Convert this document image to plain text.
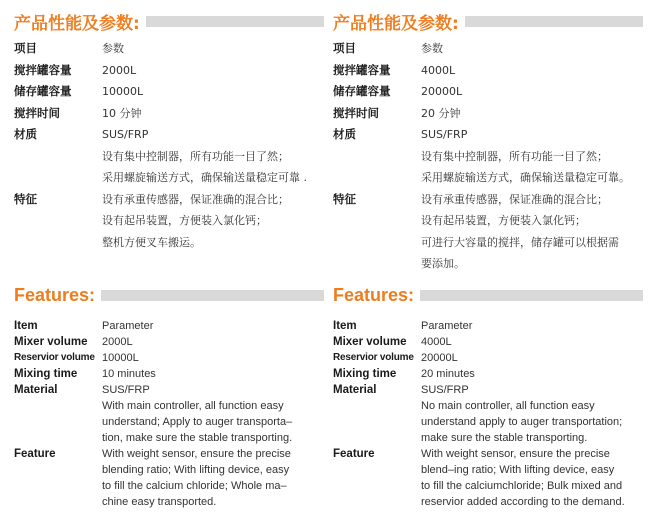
产品性能及参数:
项目	参数
搅拌罐容量	2000L
储存罐容量	10000L
搅拌时间	10 分钟
材质	SUS/FRP
设有集中控制器，所有功能一目了然；
采用螺旋输送方式，确保输送量稳定可靠 .
特征	设有承重传感器，保证准确的混合比；
设有起吊装置，方便装入氯化钙；
整机方便叉车搬运。
产品性能及参数:
项目	参数
搅拌罐容量	4000L
储存罐容量	20000L
搅拌时间	20 分钟
材质	SUS/FRP
设有集中控制器，所有功能一目了然；
采用螺旋输送方式，确保输送量稳定可靠。
特征	设有承重传感器，保证准确的混合比；
设有起吊装置，方便装入氯化钙；
可进行大容量的搅拌，储存罐可以根据需
要添加。
Features:
Item	Parameter
Mixer volume	2000L
Reservior volume 10000L
Mixing time	10 minutes
Material	SUS/FRP
With main controller, all function easy
understand; Apply to auger transporta–
tion, make sure the stable transporting.
Feature	With weight sensor, ensure the precise
blending ratio; With lifting device, easy
to fill the calcium chloride; Whole ma–
chine easy transported.
Features:
Item	Parameter
Mixer volume	4000L
Reservior volume 20000L
Mixing time	20 minutes
Material	SUS/FRP
No main controller, all function easy
understand apply to auger transportation;
make sure the stable transporting.
Feature	With weight sensor, ensure the precise
blend–ing ratio; With lifting device, easy
to fill the calciumchloride; Bulk mixed and
reservior added according to the demand.
